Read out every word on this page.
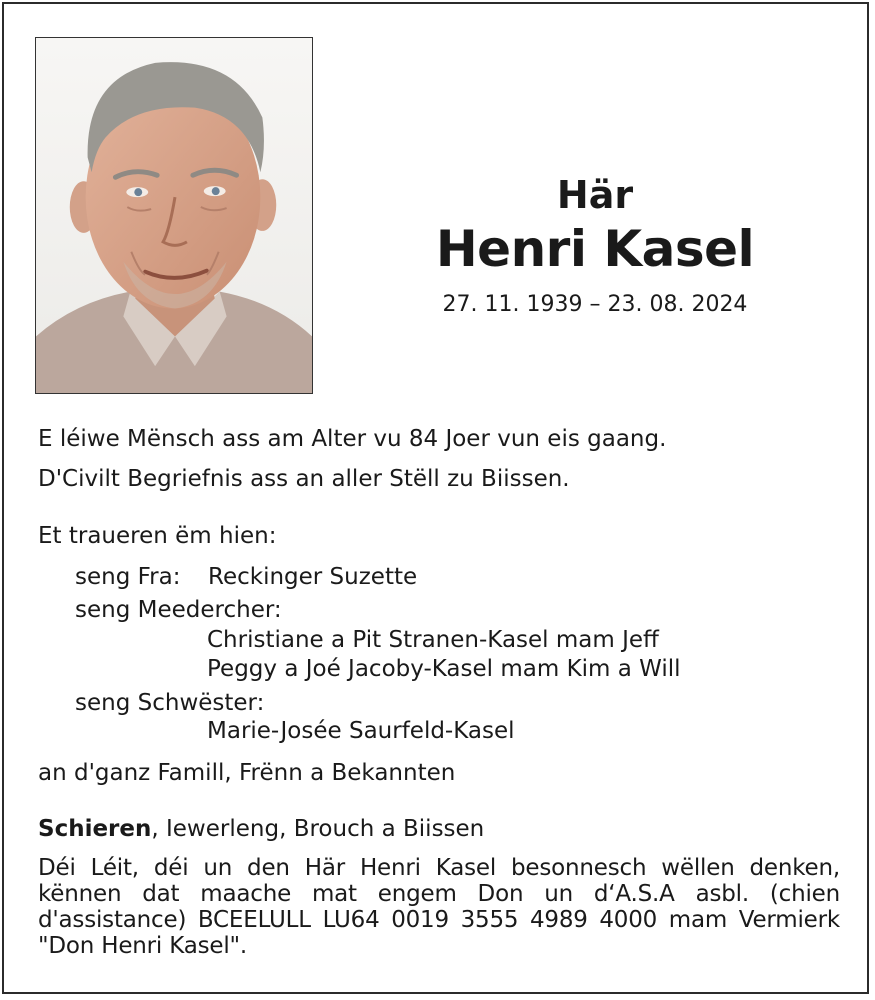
Här
Henri Kasel
27. 11. 1939 – 23. 08. 2024
E léiwe Mënsch ass am Alter vu 84 Joer vun eis gaang.
D'Civilt Begriefnis ass an aller Stëll zu Biissen.
Et traueren ëm hien:
seng Fra: Reckinger Suzette
seng Meedercher:
Christiane a Pit Stranen-Kasel mam Jeff
Peggy a Joé Jacoby-Kasel mam Kim a Will
seng Schwëster:
Marie-Josée Saurfeld-Kasel
an d'ganz Famill, Frënn a Bekannten
Schieren, Iewerleng, Brouch a Biissen
Déi Léit, déi un den Här Henri Kasel besonnesch wëllen denken, kënnen dat maache mat engem Don un d‘A.S.A asbl. (chien d'assistance) BCEELULL LU64 0019 3555 4989 4000 mam Vermierk "Don Henri Kasel".
